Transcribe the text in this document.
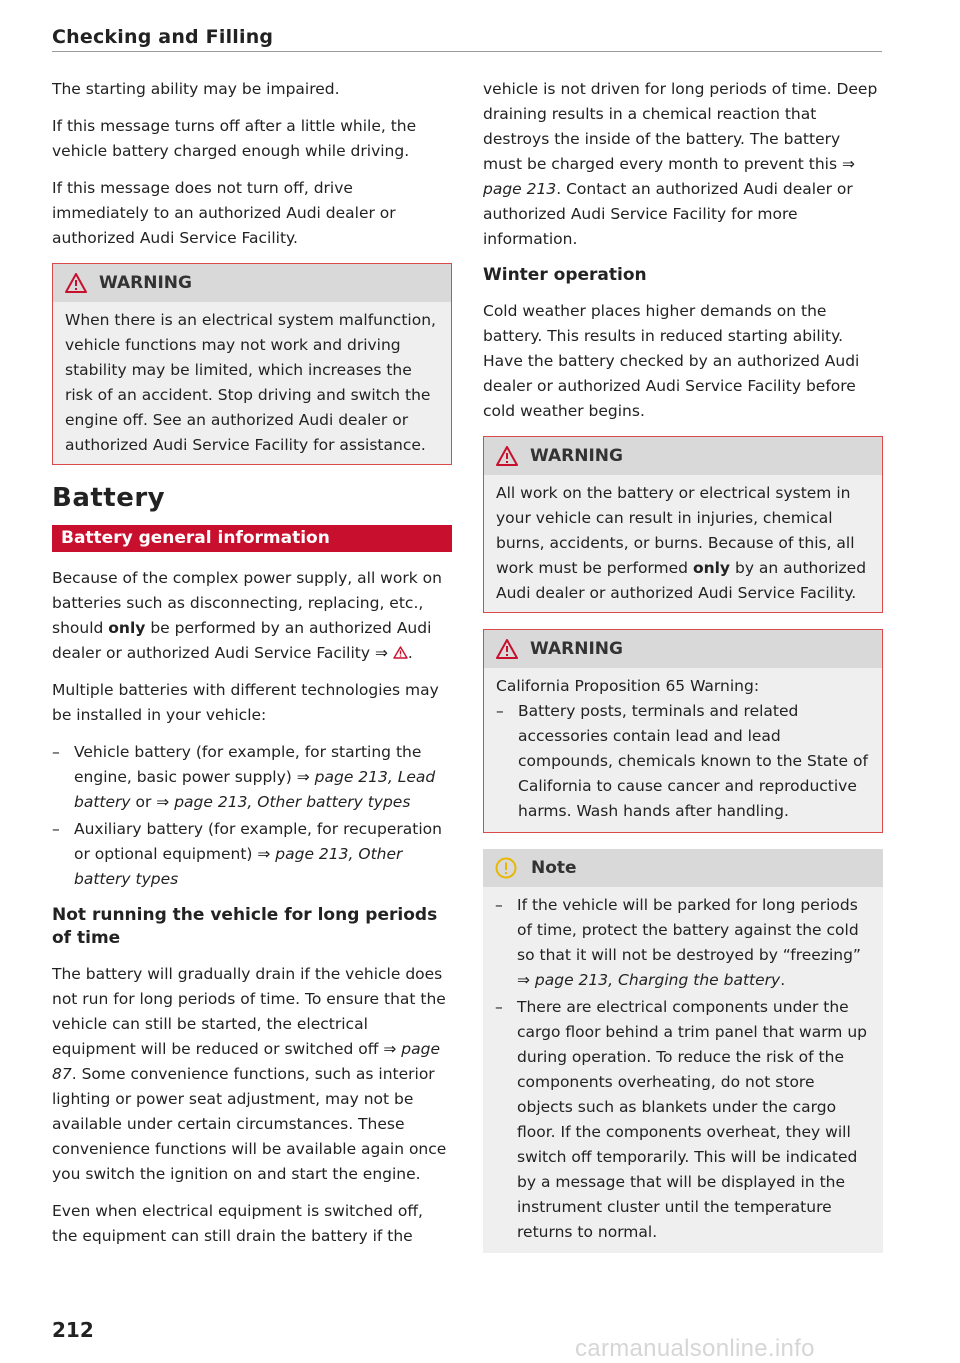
Checking and Filling

The starting ability may be impaired.

If this message turns off after a little while, the vehicle battery charged enough while driving.

If this message does not turn off, drive immediately to an authorized Audi dealer or authorized Audi Service Facility.

WARNING
When there is an electrical system malfunction, vehicle functions may not work and driving stability may be limited, which increases the risk of an accident. Stop driving and switch the engine off. See an authorized Audi dealer or authorized Audi Service Facility for assistance.
Battery
Battery general information

Because of the complex power supply, all work on batteries such as disconnecting, replacing, etc., should only be performed by an authorized Audi dealer or authorized Audi Service Facility ⇒ .

Multiple batteries with different technologies may be installed in your vehicle:

– Vehicle battery (for example, for starting the engine, basic power supply) ⇒ page 213, Lead battery or ⇒ page 213, Other battery types
– Auxiliary battery (for example, for recuperation or optional equipment) ⇒ page 213, Other battery types
Not running the vehicle for long periods of time

The battery will gradually drain if the vehicle does not run for long periods of time. To ensure that the vehicle can still be started, the electrical equipment will be reduced or switched off ⇒ page 87. Some convenience functions, such as interior lighting or power seat adjustment, may not be available under certain circumstances. These convenience functions will be available again once you switch the ignition on and start the engine.

Even when electrical equipment is switched off, the equipment can still drain the battery if the

vehicle is not driven for long periods of time. Deep draining results in a chemical reaction that destroys the inside of the battery. The battery must be charged every month to prevent this ⇒ page 213. Contact an authorized Audi dealer or authorized Audi Service Facility for more information.

Winter operation

Cold weather places higher demands on the battery. This results in reduced starting ability. Have the battery checked by an authorized Audi dealer or authorized Audi Service Facility before cold weather begins.

WARNING
All work on the battery or electrical system in your vehicle can result in injuries, chemical burns, accidents, or burns. Because of this, all work must be performed only by an authorized Audi dealer or authorized Audi Service Facility.
WARNING
California Proposition 65 Warning:
– Battery posts, terminals and related accessories contain lead and lead compounds, chemicals known to the State of California to cause cancer and reproductive harms. Wash hands after handling.
Note
– If the vehicle will be parked for long periods of time, protect the battery against the cold so that it will not be destroyed by “freezing” ⇒ page 213, Charging the battery.
– There are electrical components under the cargo floor behind a trim panel that warm up during operation. To reduce the risk of the components overheating, do not store objects such as blankets under the cargo floor. If the components overheat, they will switch off temporarily. This will be indicated by a message that will be displayed in the instrument cluster until the temperature returns to normal.
212
carmanualsonline.info
